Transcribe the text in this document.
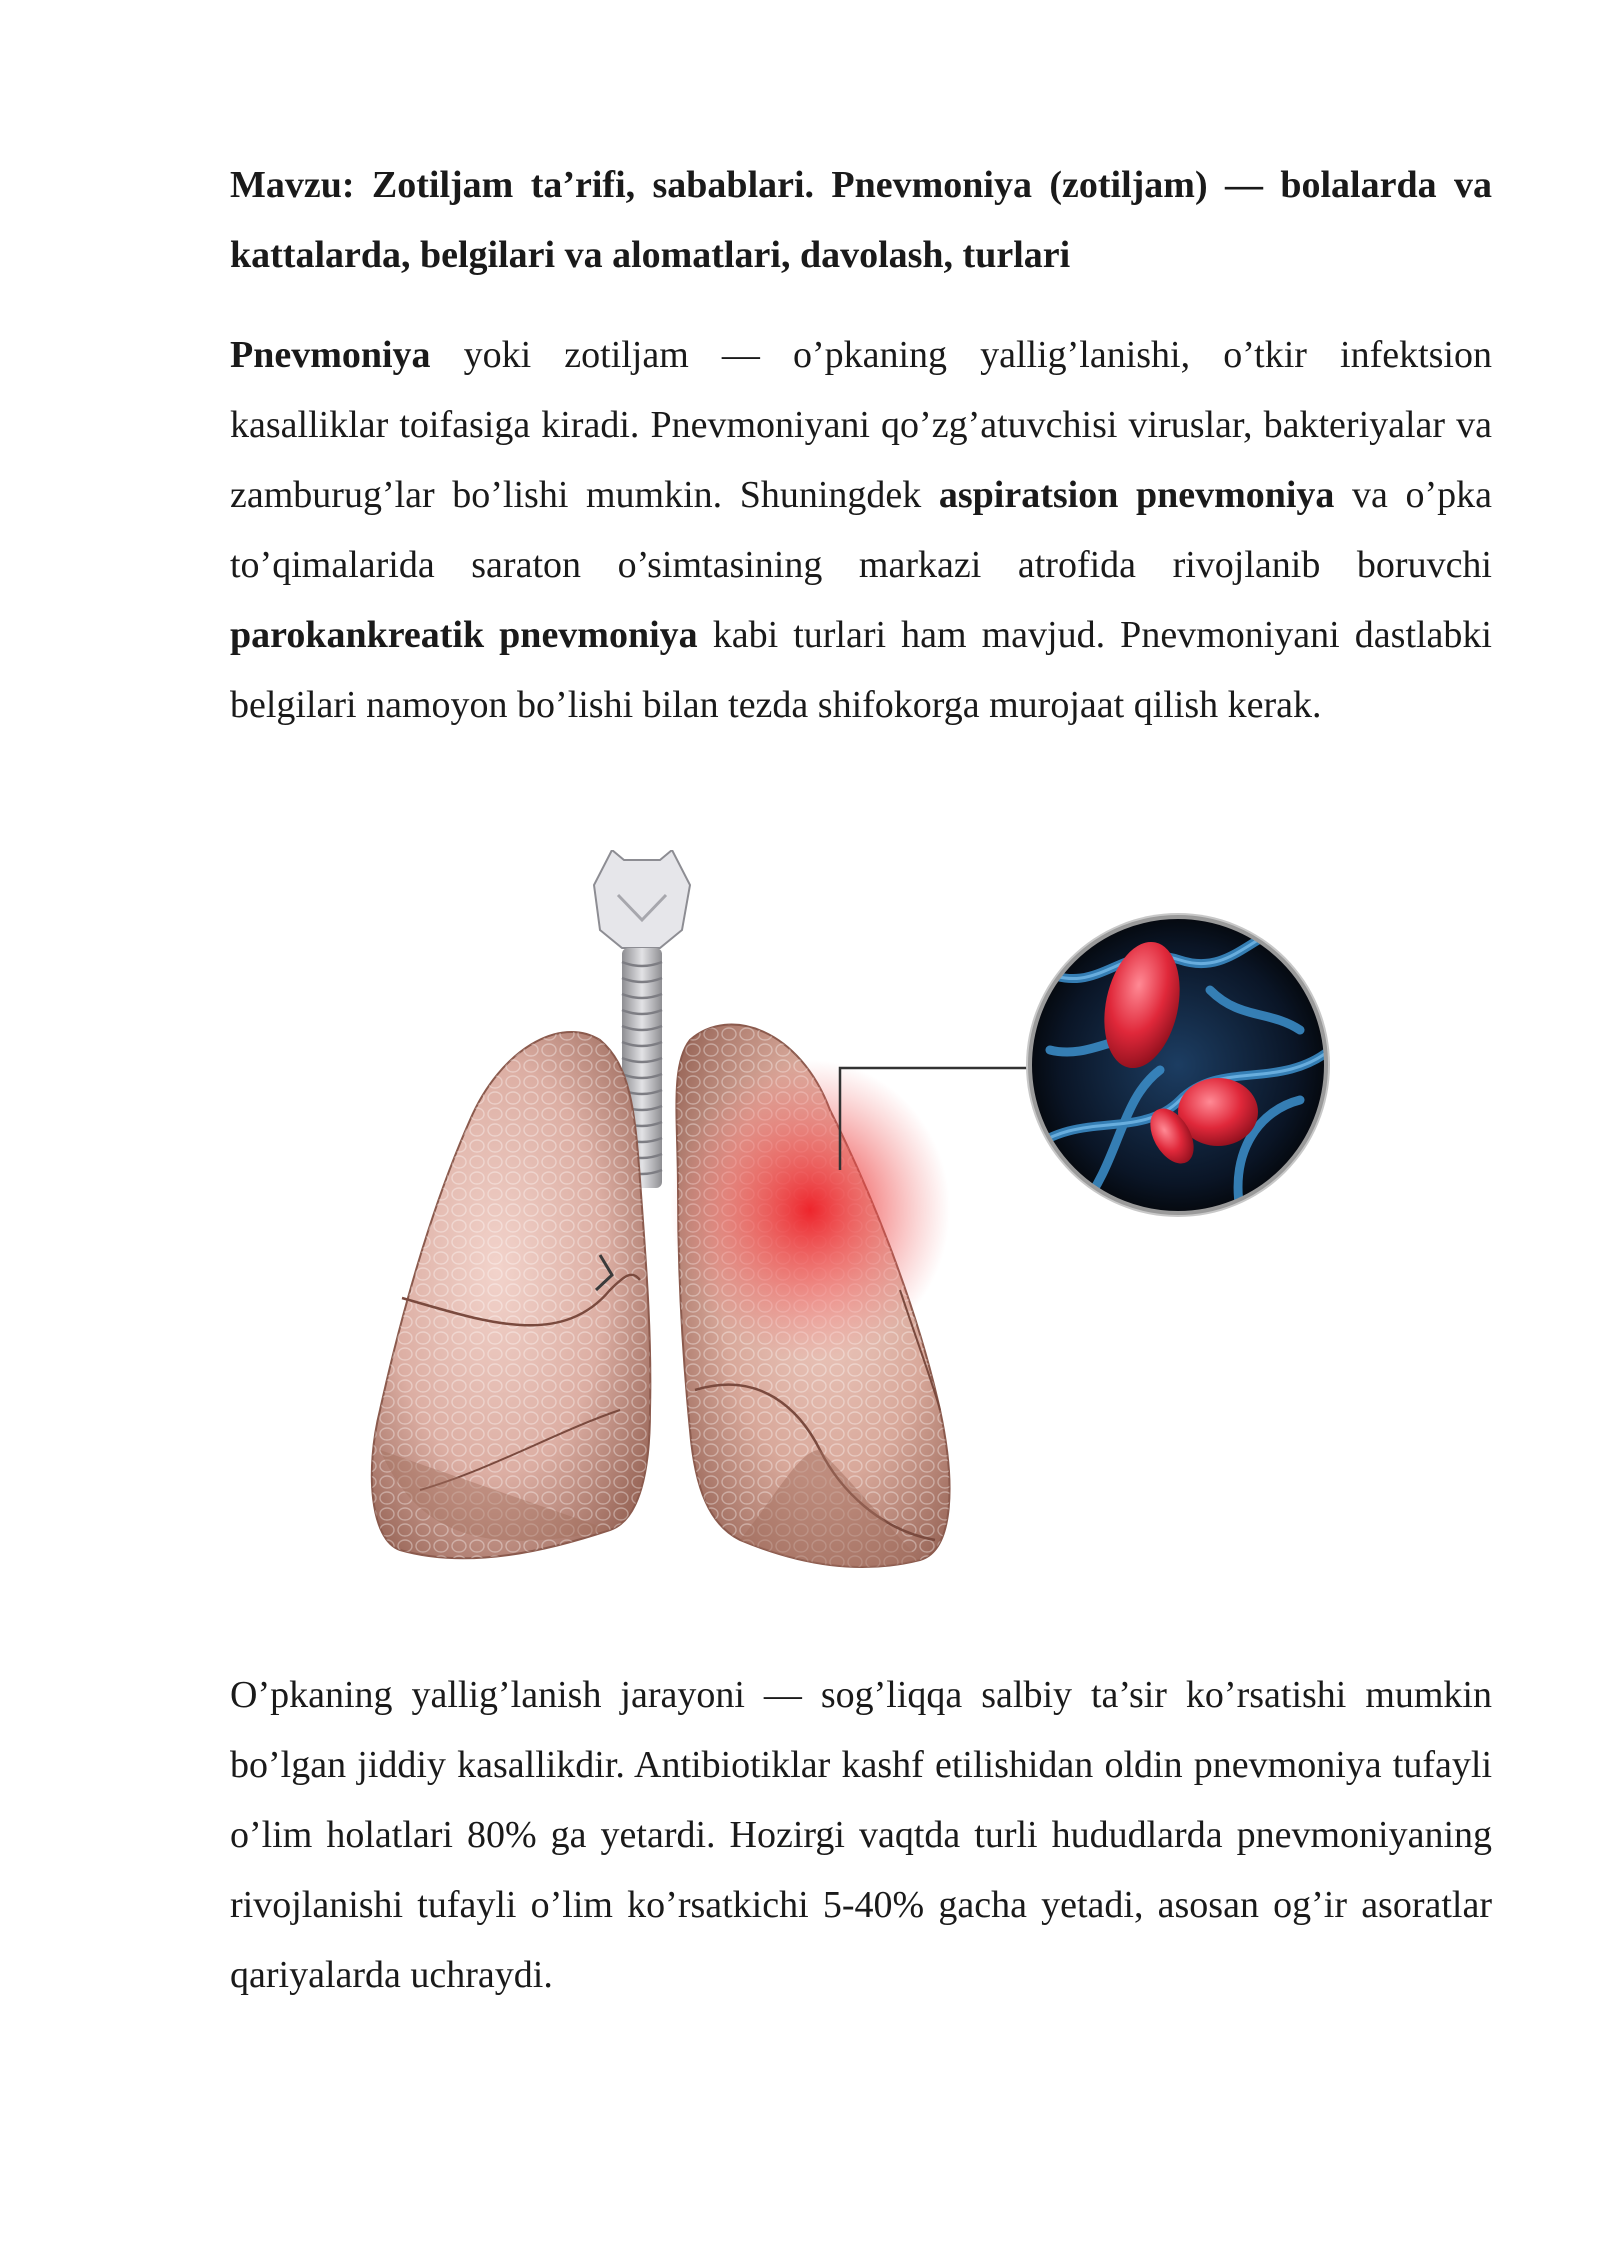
Mavzu: Zotiljam ta’rifi, sabablari. Pnevmoniya (zotiljam) — bolalarda va kattalarda, belgilari va alomatlari, davolash, turlari

Pnevmoniya yoki zotiljam — o’pkaning yallig’lanishi, o’tkir infektsion kasalliklar toifasiga kiradi. Pnevmoniyani qo’zg’atuvchisi viruslar, bakteriyalar va zamburug’lar bo’lishi mumkin. Shuningdek aspiratsion pnevmoniya va o’pka to’qimalarida saraton o’simtasining markazi atrofida rivojlanib boruvchi parokankreatik pnevmoniya kabi turlari ham mavjud. Pnevmoniyani dastlabki belgilari namoyon bo’lishi bilan tezda shifokorga murojaat qilish kerak.

O’pkaning yallig’lanish jarayoni — sog’liqqa salbiy ta’sir ko’rsatishi mumkin bo’lgan jiddiy kasallikdir. Antibiotiklar kashf etilishidan oldin pnevmoniya tufayli o’lim holatlari 80% ga yetardi. Hozirgi vaqtda turli hududlarda pnevmoniyaning rivojlanishi tufayli o’lim ko’rsatkichi 5-40% gacha yetadi, asosan og’ir asoratlar qariyalarda uchraydi.
